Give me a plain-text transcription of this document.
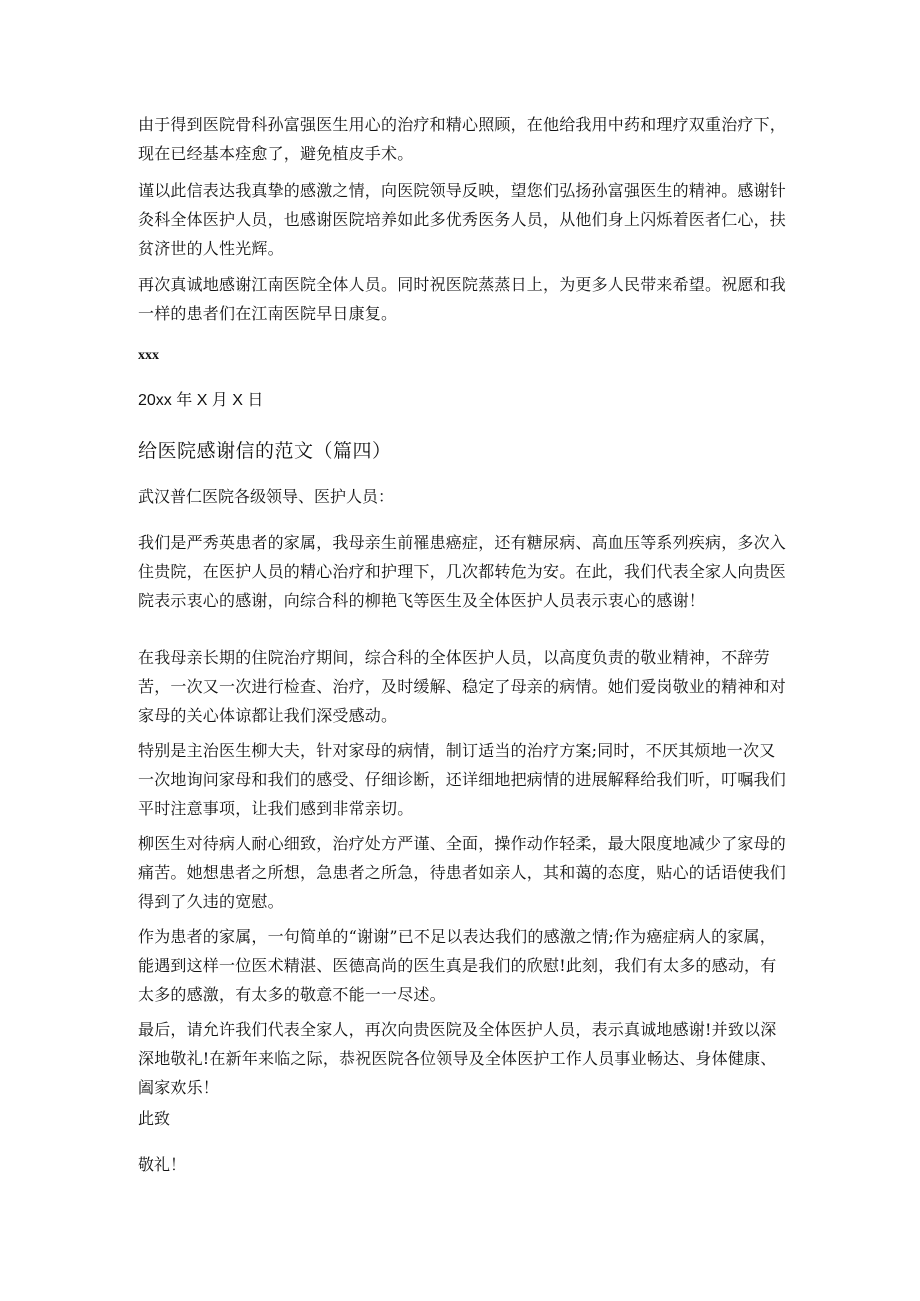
由于得到医院骨科孙富强医生用心的治疗和精心照顾，在他给我用中药和理疗双重治疗下，现在已经基本痊愈了，避免植皮手术。

谨以此信表达我真挚的感激之情，向医院领导反映，望您们弘扬孙富强医生的精神。感谢针灸科全体医护人员，也感谢医院培养如此多优秀医务人员，从他们身上闪烁着医者仁心，扶贫济世的人性光辉。

再次真诚地感谢江南医院全体人员。同时祝医院蒸蒸日上，为更多人民带来希望。祝愿和我一样的患者们在江南医院早日康复。

xxx

20xx 年 X 月 X 日

给医院感谢信的范文（篇四）

武汉普仁医院各级领导、医护人员：

我们是严秀英患者的家属，我母亲生前罹患癌症，还有糖尿病、高血压等系列疾病，多次入住贵院，在医护人员的精心治疗和护理下，几次都转危为安。在此，我们代表全家人向贵医院表示衷心的感谢，向综合科的柳艳飞等医生及全体医护人员表示衷心的感谢！

在我母亲长期的住院治疗期间，综合科的全体医护人员，以高度负责的敬业精神，不辞劳苦，一次又一次进行检查、治疗，及时缓解、稳定了母亲的病情。她们爱岗敬业的精神和对家母的关心体谅都让我们深受感动。

特别是主治医生柳大夫，针对家母的病情，制订适当的治疗方案;同时，不厌其烦地一次又一次地询问家母和我们的感受、仔细诊断，还详细地把病情的进展解释给我们听，叮嘱我们平时注意事项，让我们感到非常亲切。

柳医生对待病人耐心细致，治疗处方严谨、全面，操作动作轻柔，最大限度地减少了家母的痛苦。她想患者之所想，急患者之所急，待患者如亲人，其和蔼的态度，贴心的话语使我们得到了久违的宽慰。

作为患者的家属，一句简单的“谢谢”已不足以表达我们的感激之情;作为癌症病人的家属，能遇到这样一位医术精湛、医德高尚的医生真是我们的欣慰!此刻，我们有太多的感动，有太多的感激，有太多的敬意不能一一尽述。

最后，请允许我们代表全家人，再次向贵医院及全体医护人员，表示真诚地感谢!并致以深深地敬礼!在新年来临之际，恭祝医院各位领导及全体医护工作人员事业畅达、身体健康、阖家欢乐！

此致

敬礼！
